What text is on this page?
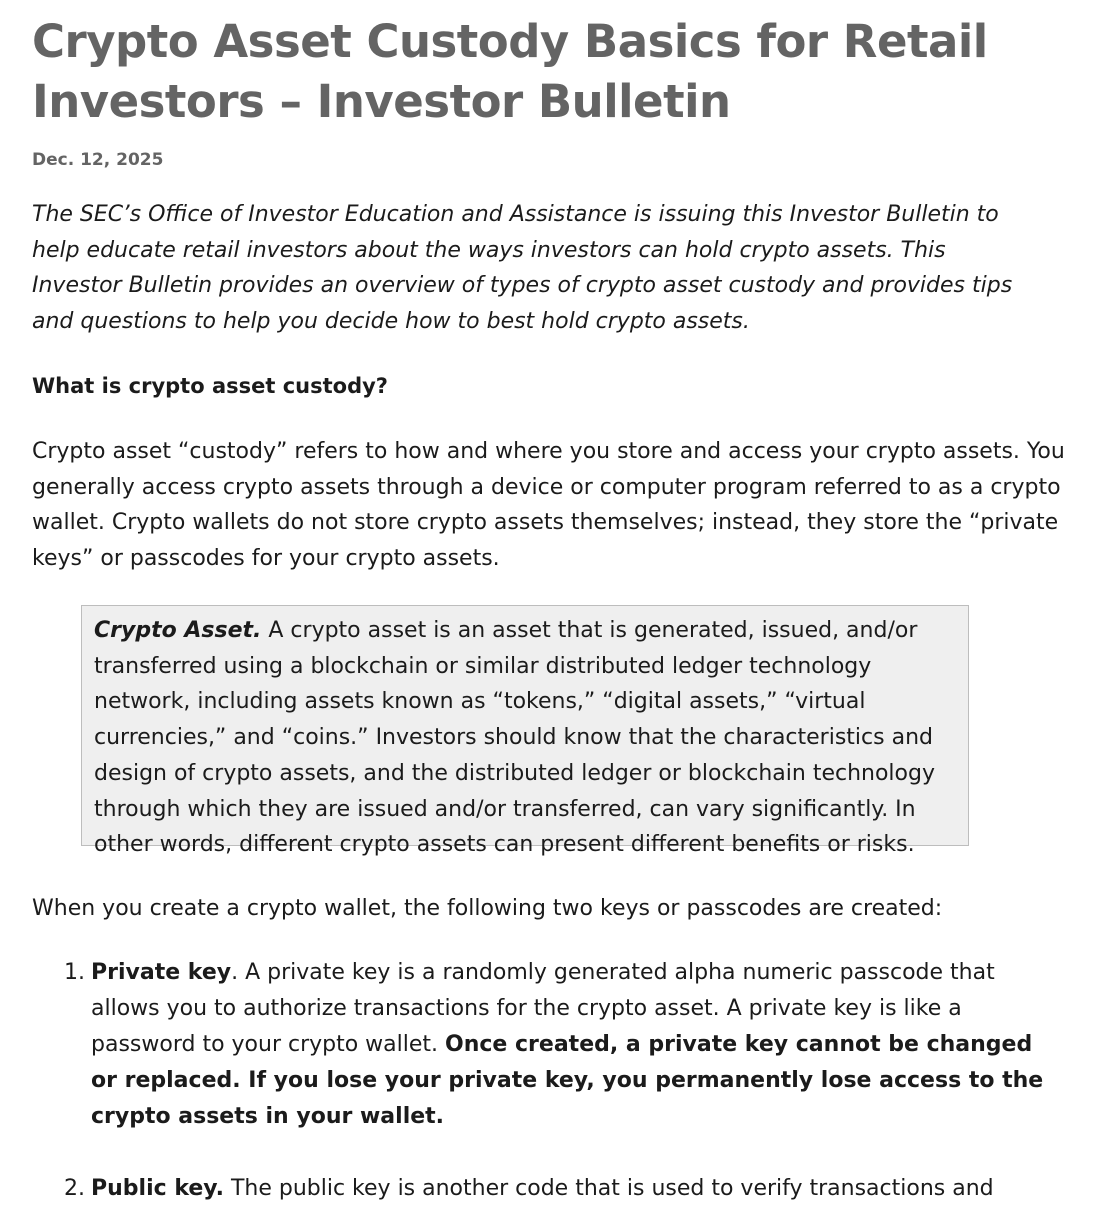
Crypto Asset Custody Basics for Retail Investors – Investor Bulletin
Dec. 12, 2025

The SEC’s Office of Investor Education and Assistance is issuing this Investor Bulletin to help educate retail investors about the ways investors can hold crypto assets. This Investor Bulletin provides an overview of types of crypto asset custody and provides tips and questions to help you decide how to best hold crypto assets.

What is crypto asset custody?

Crypto asset “custody” refers to how and where you store and access your crypto assets. You generally access crypto assets through a device or computer program referred to as a crypto wallet. Crypto wallets do not store crypto assets themselves; instead, they store the “private keys” or passcodes for your crypto assets.

Crypto Asset. A crypto asset is an asset that is generated, issued, and/or transferred using a blockchain or similar distributed ledger technology network, including assets known as “tokens,” “digital assets,” “virtual currencies,” and “coins.” Investors should know that the characteristics and design of crypto assets, and the distributed ledger or blockchain technology through which they are issued and/or transferred, can vary significantly. In other words, different crypto assets can present different benefits or risks.

When you create a crypto wallet, the following two keys or passcodes are created:

1. Private key. A private key is a randomly generated alpha numeric passcode that allows you to authorize transactions for the crypto asset. A private key is like a password to your crypto wallet. Once created, a private key cannot be changed or replaced. If you lose your private key, you permanently lose access to the crypto assets in your wallet.
2. Public key. The public key is another code that is used to verify transactions and
